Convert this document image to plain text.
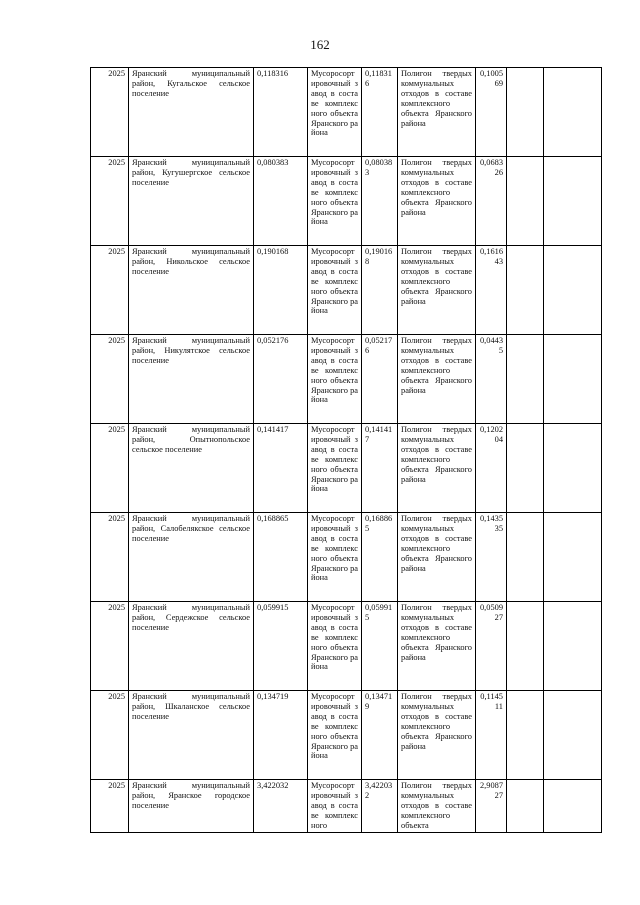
162
2025	Яранский муниципальный район, Кугальское сельское поселение	0,118316	Мусоросортировочный завод в составе комплексного объекта Яранского района	0,118316	Полигон твердых коммунальных отходов в составе комплексного объекта Яранского района	0,100569		
2025	Яранский муниципальный район, Кугушергское сельское поселение	0,080383	Мусоросортировочный завод в составе комплексного объекта Яранского района	0,080383	Полигон твердых коммунальных отходов в составе комплексного объекта Яранского района	0,068326		
2025	Яранский муниципальный район, Никольское сельское поселение	0,190168	Мусоросортировочный завод в составе комплексного объекта Яранского района	0,190168	Полигон твердых коммунальных отходов в составе комплексного объекта Яранского района	0,161643		
2025	Яранский муниципальный район, Никулятское сельское поселение	0,052176	Мусоросортировочный завод в составе комплексного объекта Яранского района	0,052176	Полигон твердых коммунальных отходов в составе комплексного объекта Яранского района	0,04435		
2025	Яранский муниципальный район, Опытнопольское сельское поселение	0,141417	Мусоросортировочный завод в составе комплексного объекта Яранского района	0,141417	Полигон твердых коммунальных отходов в составе комплексного объекта Яранского района	0,120204		
2025	Яранский муниципальный район, Салобелякское сельское поселение	0,168865	Мусоросортировочный завод в составе комплексного объекта Яранского района	0,168865	Полигон твердых коммунальных отходов в составе комплексного объекта Яранского района	0,143535		
2025	Яранский муниципальный район, Сердежское сельское поселение	0,059915	Мусоросортировочный завод в составе комплексного объекта Яранского района	0,059915	Полигон твердых коммунальных отходов в составе комплексного объекта Яранского района	0,050927		
2025	Яранский муниципальный район, Шкаланское сельское поселение	0,134719	Мусоросортировочный завод в составе комплексного объекта Яранского района	0,134719	Полигон твердых коммунальных отходов в составе комплексного объекта Яранского района	0,114511		
2025	Яранский муниципальный район, Яранское городское поселение	3,422032	Мусоросортировочный завод в составе комплексного	3,422032	Полигон твердых коммунальных отходов в составе комплексного объекта	2,908727		
